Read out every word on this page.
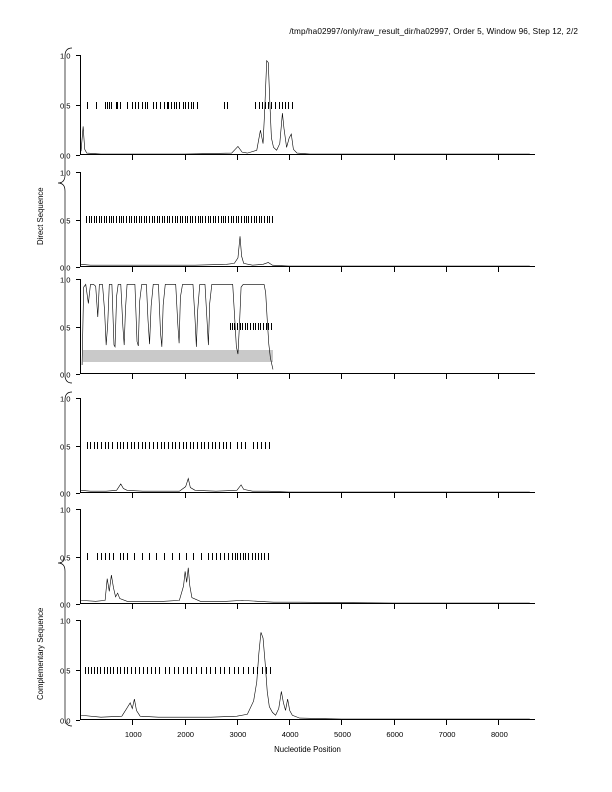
/tmp/ha02997/only/raw_result_dir/ha02997, Order 5, Window 96, Step 12, 2/2
Direct Sequence
Complementary Sequence
Nucleotide Position
1.0
0.5
0.0
1.0
0.5
0.0
1.0
0.5
0.0
1.0
0.5
0.0
1.0
0.5
0.0
1.0
0.5
0.0
1000	2000	3000	4000	5000	6000	7000	8000
